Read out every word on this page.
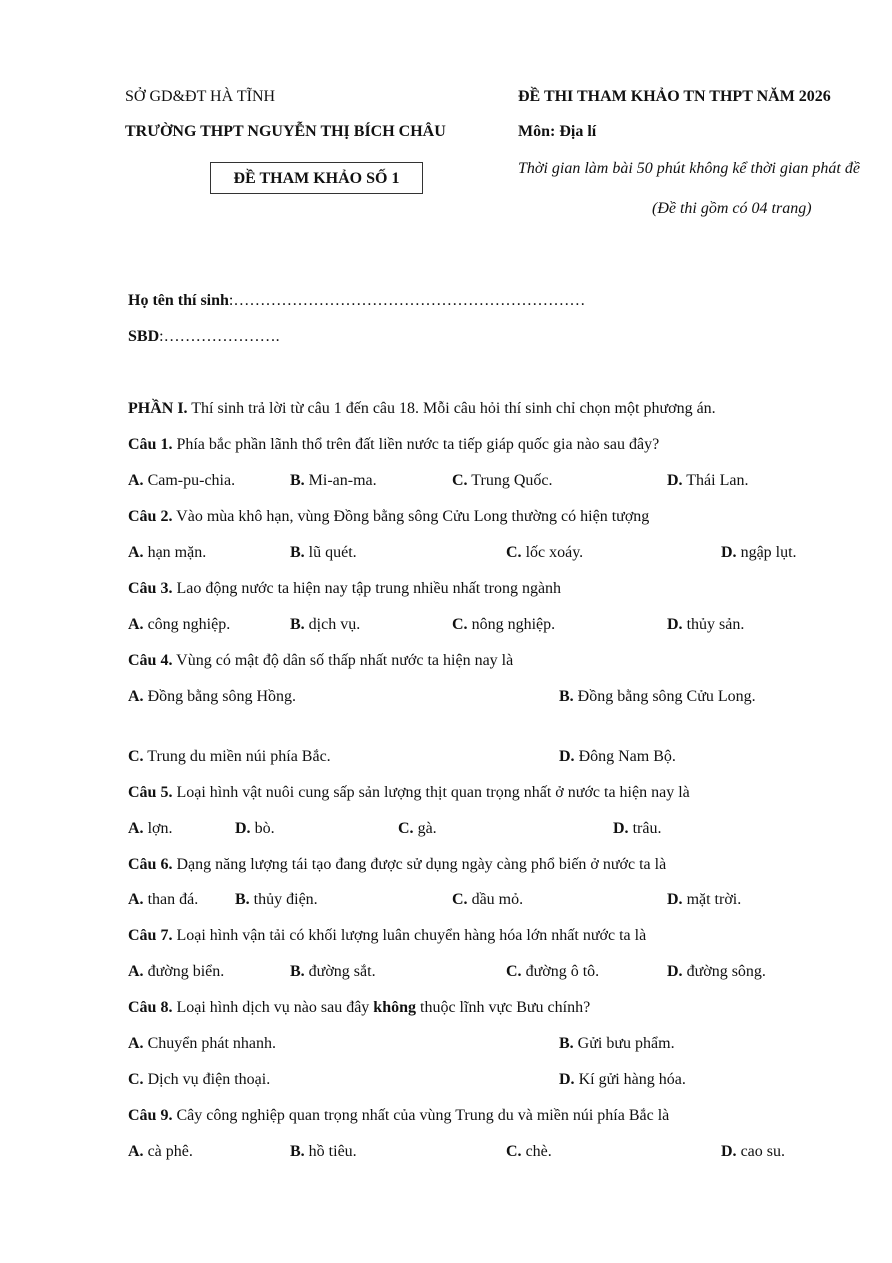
SỞ GD&ĐT HÀ TĨNH
TRƯỜNG THPT NGUYỄN THỊ BÍCH CHÂU
ĐỀ THAM KHẢO SỐ 1
ĐỀ THI THAM KHẢO TN THPT NĂM 2026
Môn: Địa lí
Thời gian làm bài 50 phút không kể thời gian phát đề
(Đề thi gồm có 04 trang)
Họ tên thí sinh:…………………………………………………………
SBD:………………….
PHẦN I. Thí sinh trả lời từ câu 1 đến câu 18. Mỗi câu hỏi thí sinh chỉ chọn một phương án.
Câu 1. Phía bắc phần lãnh thổ trên đất liền nước ta tiếp giáp quốc gia nào sau đây?
A. Cam-pu-chia.	B. Mi-an-ma.	C. Trung Quốc.	D. Thái Lan.
Câu 2. Vào mùa khô hạn, vùng Đồng bằng sông Cửu Long thường có hiện tượng
A. hạn mặn.	B. lũ quét.	C. lốc xoáy.	D. ngập lụt.
Câu 3. Lao động nước ta hiện nay tập trung nhiều nhất trong ngành
A. công nghiệp.	B. dịch vụ.	C. nông nghiệp.	D. thủy sản.
Câu 4. Vùng có mật độ dân số thấp nhất nước ta hiện nay là
A. Đồng bằng sông Hồng.	B. Đồng bằng sông Cửu Long.
C. Trung du miền núi phía Bắc.	D. Đông Nam Bộ.
Câu 5. Loại hình vật nuôi cung sấp sản lượng thịt quan trọng nhất ở nước ta hiện nay là
A. lợn.	D. bò.	C. gà.	D. trâu.
Câu 6. Dạng năng lượng tái tạo đang được sử dụng ngày càng phổ biến ở nước ta là
A. than đá. B. thủy điện.	C. dầu mỏ.	D. mặt trời.
Câu 7. Loại hình vận tải có khối lượng luân chuyển hàng hóa lớn nhất nước ta là
A. đường biển.	B. đường sắt.	C. đường ô tô.	D. đường sông.
Câu 8. Loại hình dịch vụ nào sau đây không thuộc lĩnh vực Bưu chính?
A. Chuyển phát nhanh.	B. Gửi bưu phẩm.
C. Dịch vụ điện thoại.	D. Kí gửi hàng hóa.
Câu 9. Cây công nghiệp quan trọng nhất của vùng Trung du và miền núi phía Bắc là
A. cà phê.	B. hồ tiêu.	C. chè.	D. cao su.
